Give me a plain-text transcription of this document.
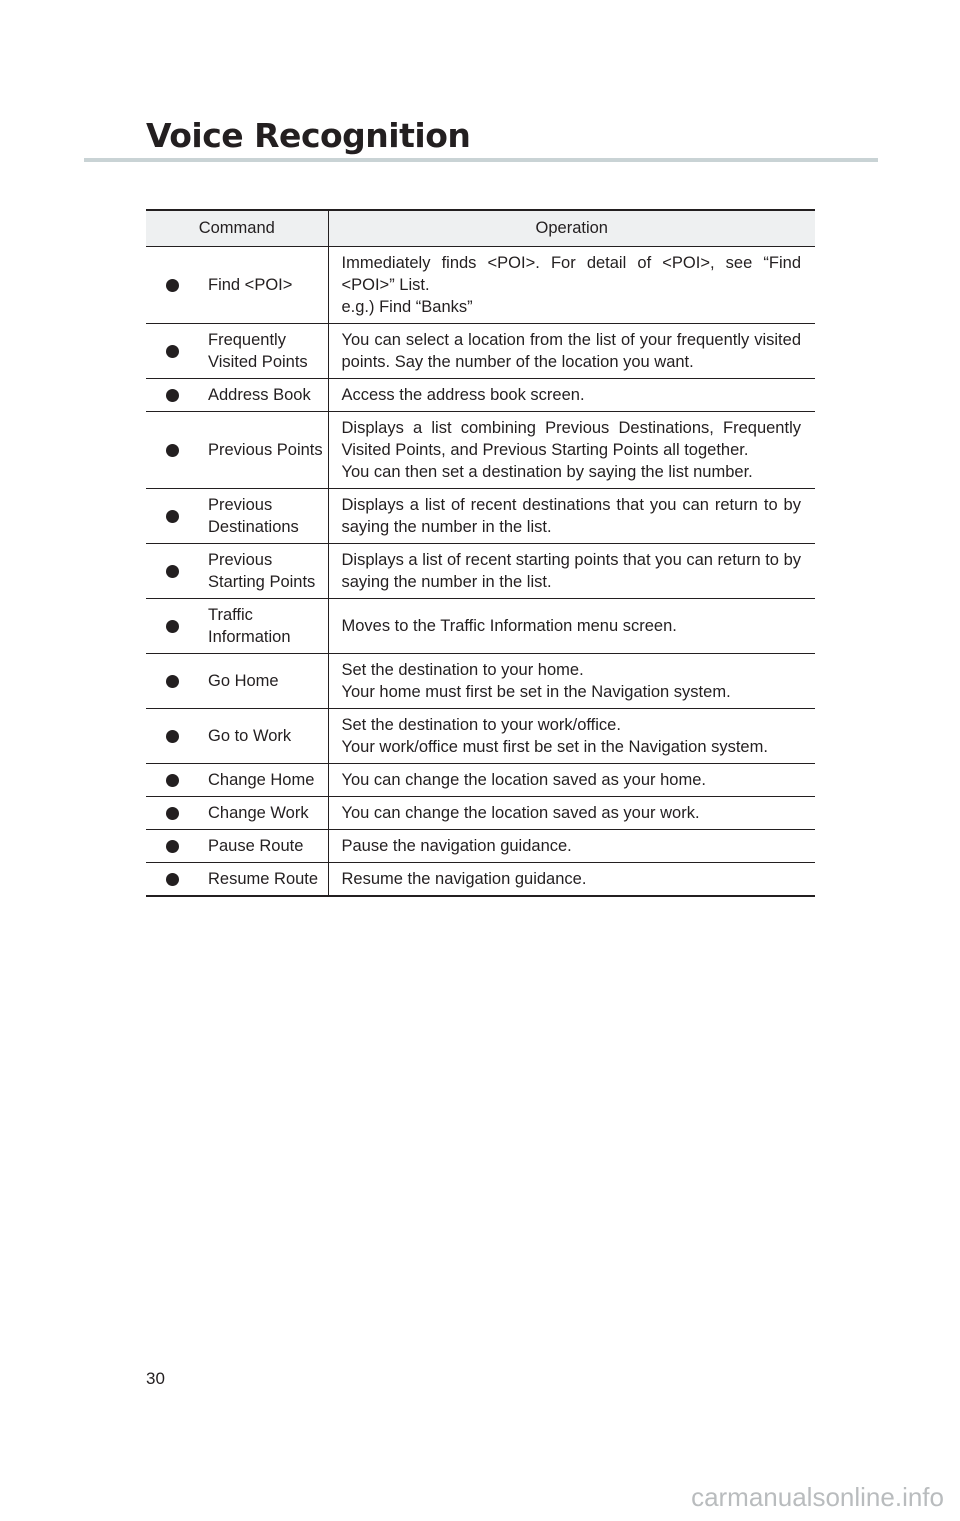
Voice Recognition
Command		Operation
	Find <POI>	Immediately finds <POI>. For detail of <POI>, see “Find <POI>” List.
e.g.) Find “Banks”

	Frequently Visited Points	You can select a location from the list of your frequently visited points. Say the number of the location you want.

	Address Book	Access the address book screen.

	Previous Points	Displays a list combining Previous Destinations, Frequently Visited Points, and Previous Starting Points all together.
You can then set a destination by saying the list number.

	Previous Destinations	Displays a list of recent destinations that you can return to by saying the number in the list.

	Previous Starting Points	Displays a list of recent starting points that you can return to by saying the number in the list.

	Traffic Information	Moves to the Traffic Information menu screen.

	Go Home	Set the destination to your home.
Your home must first be set in the Navigation system.

	Go to Work	Set the destination to your work/office.
Your work/office must first be set in the Navigation system.

	Change Home	You can change the location saved as your home.

	Change Work	You can change the location saved as your work.

	Pause Route	Pause the navigation guidance.

	Resume Route	Resume the navigation guidance.
30
carmanualsonline.info
